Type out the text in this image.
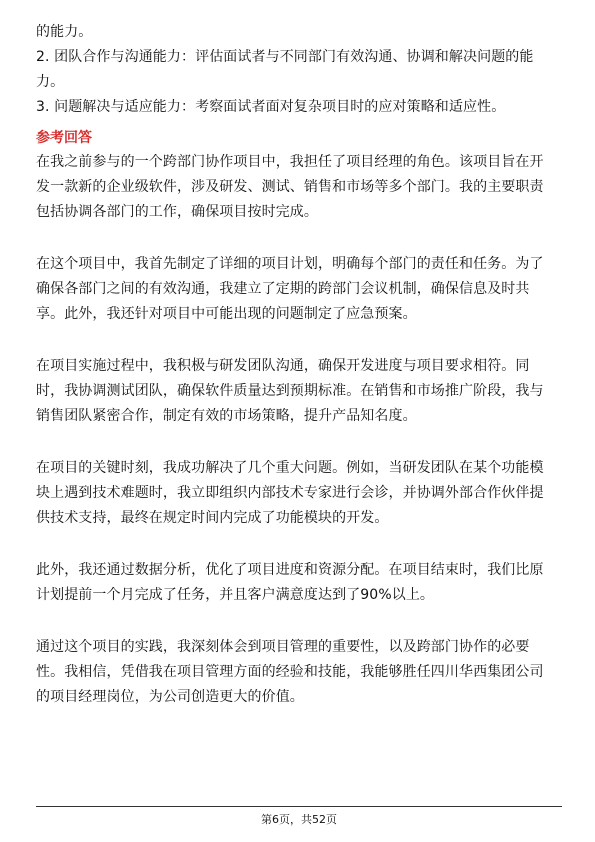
的能力。
2. 团队合作与沟通能力：评估面试者与不同部门有效沟通、协调和解决问题的能
力。
3. 问题解决与适应能力：考察面试者面对复杂项目时的应对策略和适应性。
参考回答
在我之前参与的一个跨部门协作项目中，我担任了项目经理的角色。该项目旨在开
发一款新的企业级软件，涉及研发、测试、销售和市场等多个部门。我的主要职责
包括协调各部门的工作，确保项目按时完成。
在这个项目中，我首先制定了详细的项目计划，明确每个部门的责任和任务。为了
确保各部门之间的有效沟通，我建立了定期的跨部门会议机制，确保信息及时共
享。此外，我还针对项目中可能出现的问题制定了应急预案。
在项目实施过程中，我积极与研发团队沟通，确保开发进度与项目要求相符。同
时，我协调测试团队，确保软件质量达到预期标准。在销售和市场推广阶段，我与
销售团队紧密合作，制定有效的市场策略，提升产品知名度。
在项目的关键时刻，我成功解决了几个重大问题。例如，当研发团队在某个功能模
块上遇到技术难题时，我立即组织内部技术专家进行会诊，并协调外部合作伙伴提
供技术支持，最终在规定时间内完成了功能模块的开发。
此外，我还通过数据分析，优化了项目进度和资源分配。在项目结束时，我们比原
计划提前一个月完成了任务，并且客户满意度达到了90%以上。
通过这个项目的实践，我深刻体会到项目管理的重要性，以及跨部门协作的必要
性。我相信，凭借我在项目管理方面的经验和技能，我能够胜任四川华西集团公司
的项目经理岗位，为公司创造更大的价值。
第6页，共52页
